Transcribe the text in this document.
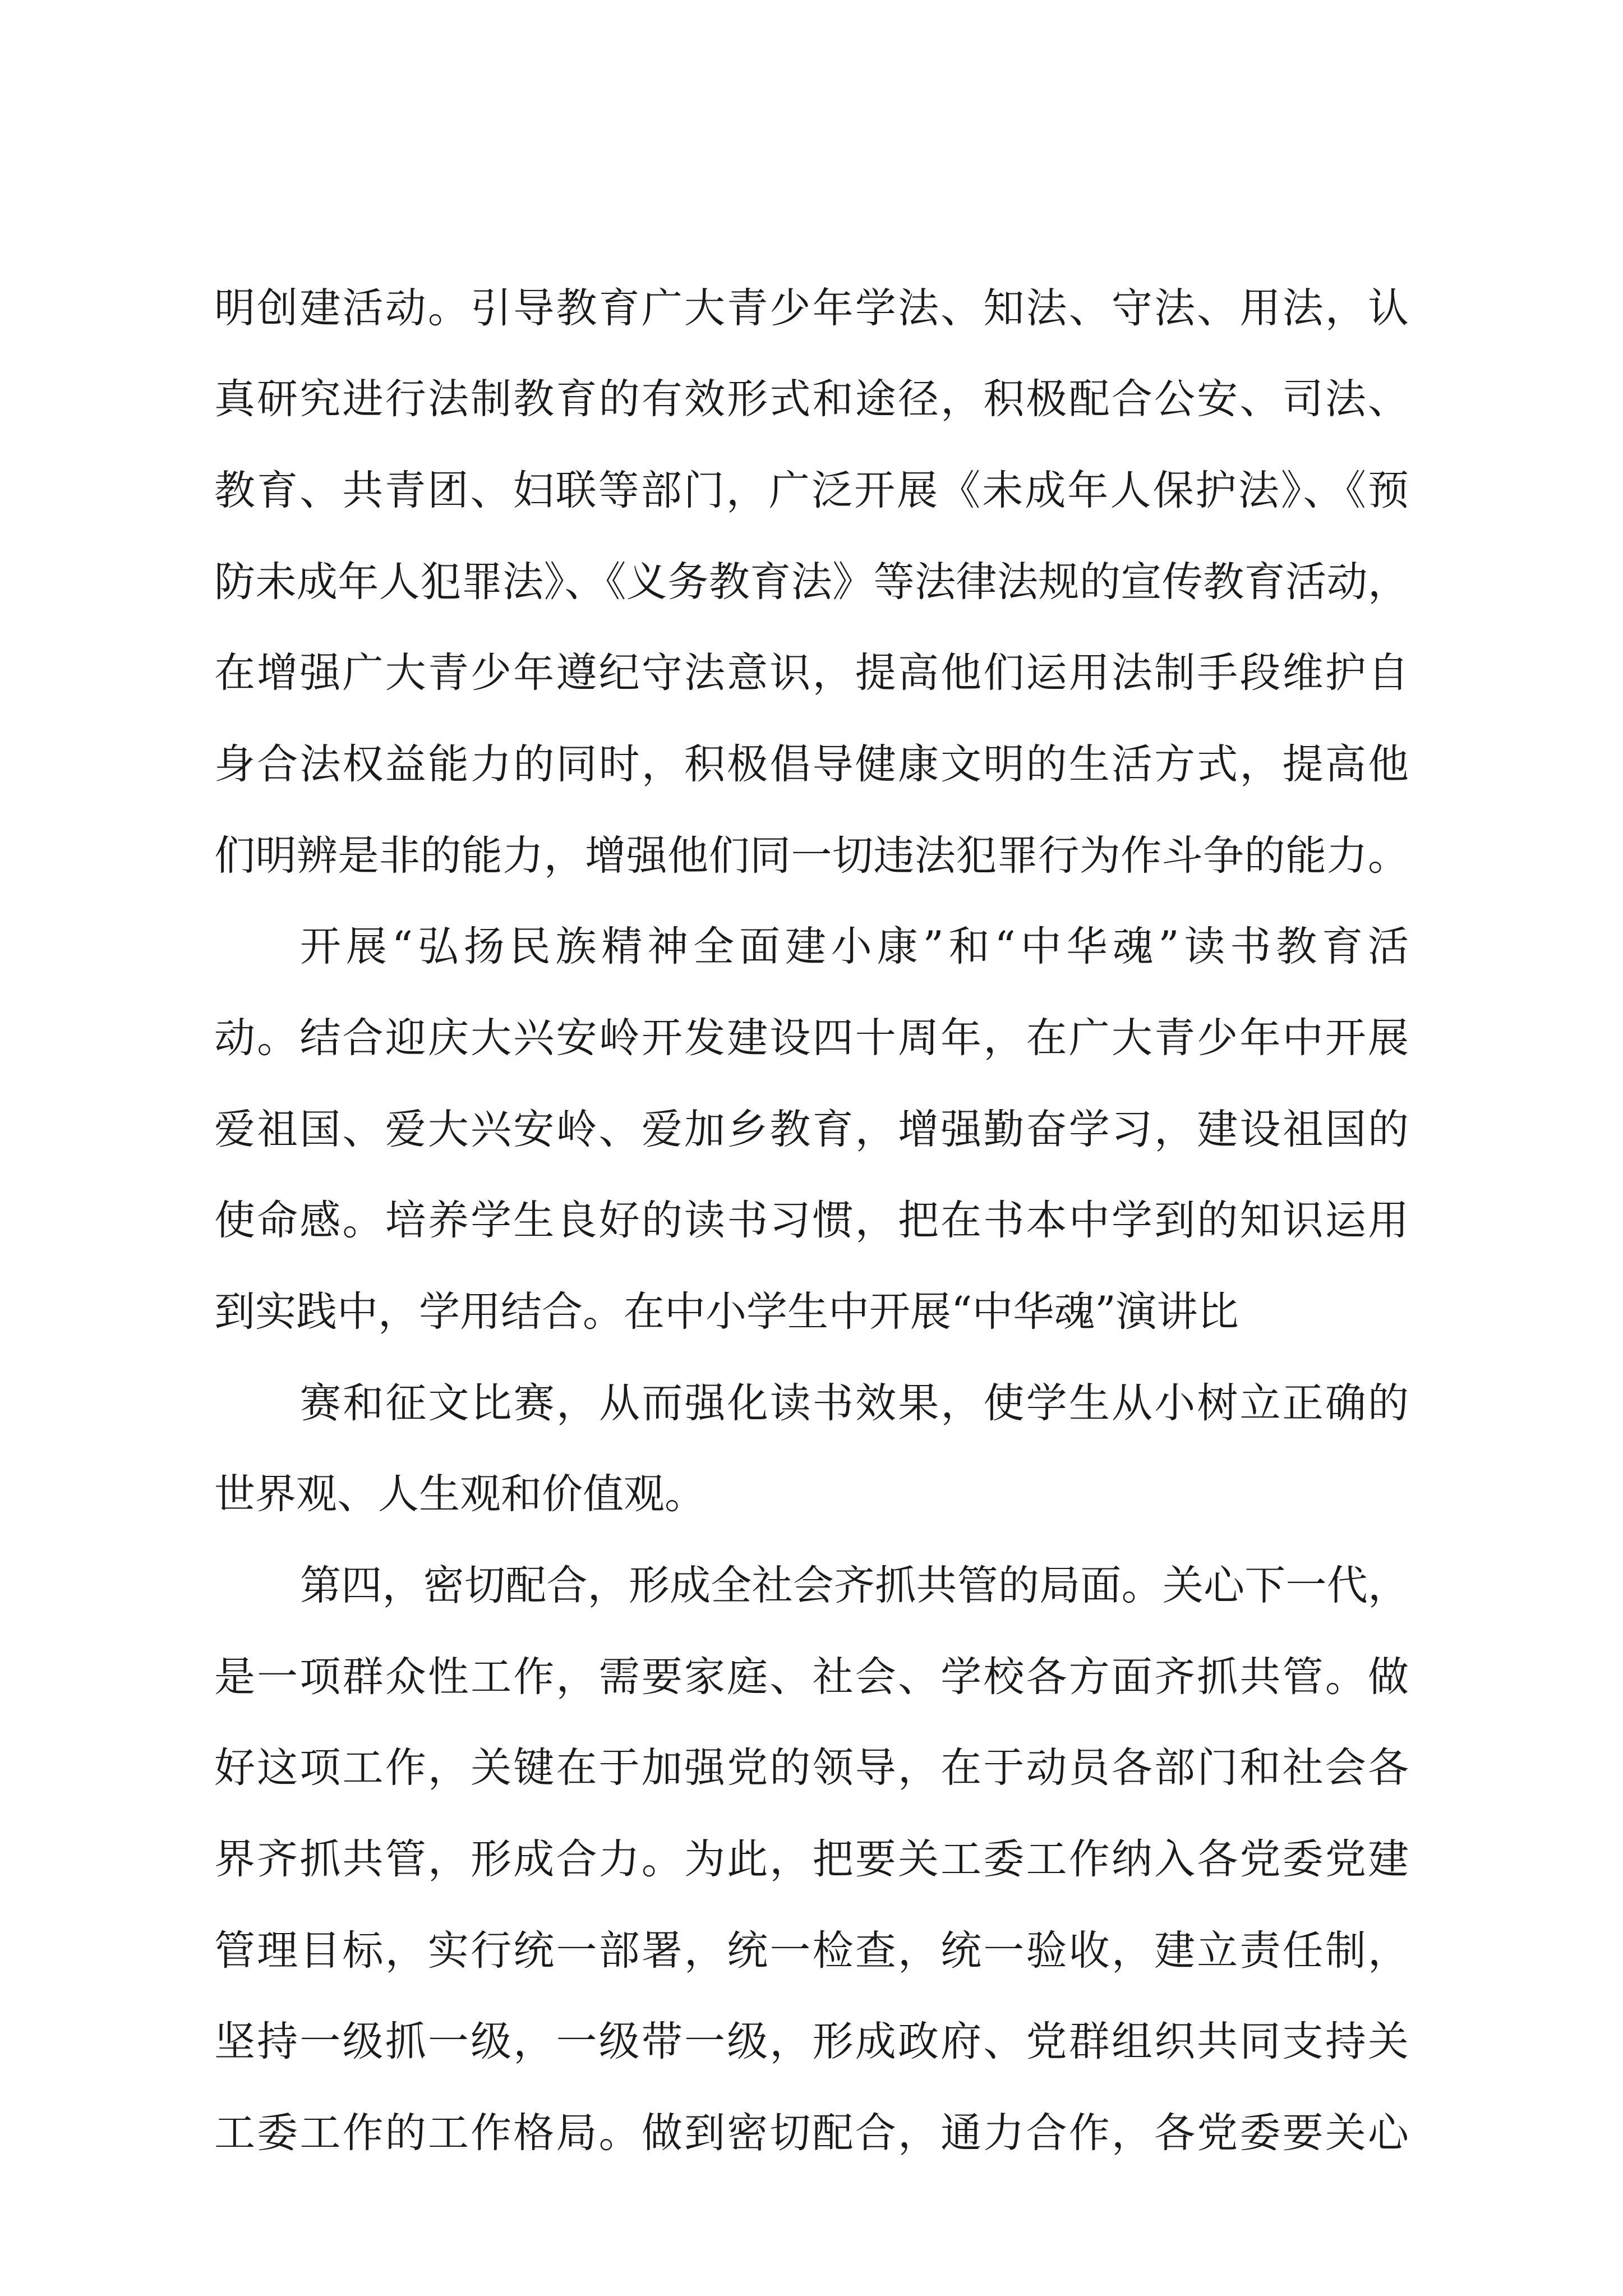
明创建活动。引导教育广大青少年学法、知法、守法、用法，认
真研究进行法制教育的有效形式和途径，积极配合公安、司法、
教育、共青团、妇联等部门，广泛开展《未成年人保护法》、《预
防未成年人犯罪法》、《义务教育法》等法律法规的宣传教育活动，
在增强广大青少年遵纪守法意识，提高他们运用法制手段维护自
身合法权益能力的同时，积极倡导健康文明的生活方式，提高他
们明辨是非的能力，增强他们同一切违法犯罪行为作斗争的能力。
开展“弘扬民族精神全面建小康”和“中华魂”读书教育活
动。结合迎庆大兴安岭开发建设四十周年，在广大青少年中开展
爱祖国、爱大兴安岭、爱加乡教育，增强勤奋学习，建设祖国的
使命感。培养学生良好的读书习惯，把在书本中学到的知识运用
到实践中，学用结合。在中小学生中开展“中华魂”演讲比
赛和征文比赛，从而强化读书效果，使学生从小树立正确的
世界观、人生观和价值观。
第四，密切配合，形成全社会齐抓共管的局面。关心下一代，
是一项群众性工作，需要家庭、社会、学校各方面齐抓共管。做
好这项工作，关键在于加强党的领导，在于动员各部门和社会各
界齐抓共管，形成合力。为此，把要关工委工作纳入各党委党建
管理目标，实行统一部署，统一检查，统一验收，建立责任制，
坚持一级抓一级，一级带一级，形成政府、党群组织共同支持关
工委工作的工作格局。做到密切配合，通力合作，各党委要关心
